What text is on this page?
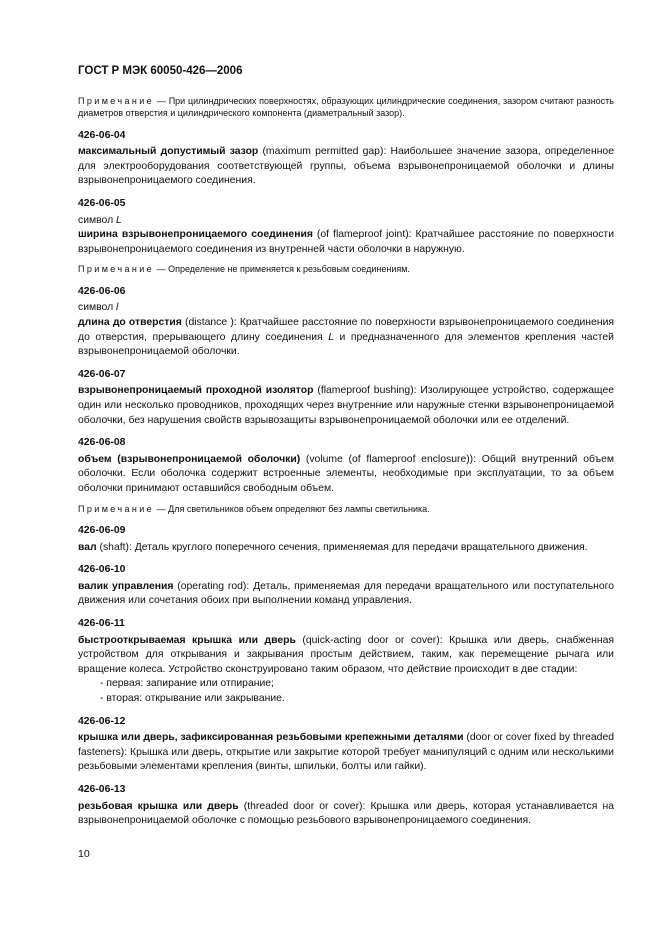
ГОСТ Р МЭК 60050-426—2006

Примечание — При цилиндрических поверхностях, образующих цилиндрические соединения, зазором считают разность диаметров отверстия и цилиндрического компонента (диаметральный зазор).

426-06-04
максимальный допустимый зазор (maximum permitted gap): Наибольшее значение зазора, определенное для электрооборудования соответствующей группы, объема взрывонепроницаемой оболочки и длины взрывонепроницаемого соединения.
426-06-05
символ L
ширина взрывонепроницаемого соединения (of flameproof joint): Кратчайшее расстояние по поверхности взрывонепроницаемого соединения из внутренней части оболочки в наружную.

Примечание — Определение не применяется к резьбовым соединениям.

426-06-06
символ l
длина до отверстия (distance ): Кратчайшее расстояние по поверхности взрывонепроницаемого соединения до отверстия, прерывающего длину соединения L и предназначенного для элементов крепления частей взрывонепроницаемой оболочки.
426-06-07
взрывонепроницаемый проходной изолятор (flameproof bushing): Изолирующее устройство, содержащее один или несколько проводников, проходящих через внутренние или наружные стенки взрывонепроницаемой оболочки, без нарушения свойств взрывозащиты взрывонепроницаемой оболочки или ее отделений.
426-06-08
объем (взрывонепроницаемой оболочки) (volume (of flameproof enclosure)): Общий внутренний объем оболочки. Если оболочка содержит встроенные элементы, необходимые при эксплуатации, то за объем оболочки принимают оставшийся свободным объем.

Примечание — Для светильников объем определяют без лампы светильника.

426-06-09
вал (shaft): Деталь круглого поперечного сечения, применяемая для передачи вращательного движения.
426-06-10
валик управления (operating rod): Деталь, применяемая для передачи вращательного или поступательного движения или сочетания обоих при выполнении команд управления.
426-06-11
быстрооткрываемая крышка или дверь (quick-acting door or cover): Крышка или дверь, снабженная устройством для открывания и закрывания простым действием, таким, как перемещение рычага или вращение колеса. Устройство сконструировано таким образом, что действие происходит в две стадии:
- первая: запирание или отпирание;
- вторая: открывание или закрывание.
426-06-12
крышка или дверь, зафиксированная резьбовыми крепежными деталями (door or cover fixed by threaded fasteners): Крышка или дверь, открытие или закрытие которой требует манипуляций с одним или несколькими резьбовыми элементами крепления (винты, шпильки, болты или гайки).
426-06-13
резьбовая крышка или дверь (threaded door or cover): Крышка или дверь, которая устанавливается на взрывонепроницаемой оболочке с помощью резьбового взрывонепроницаемого соединения.
10
